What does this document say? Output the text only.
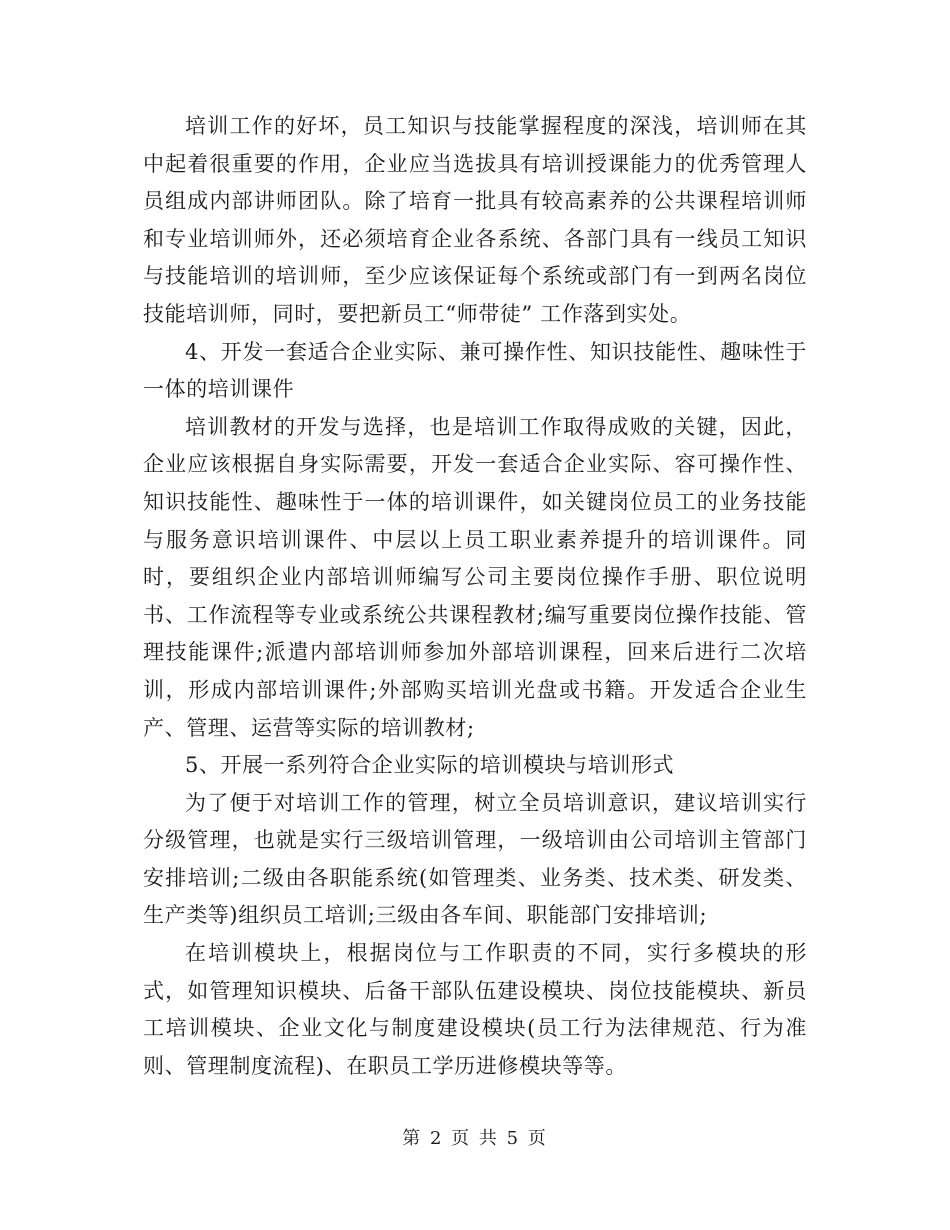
培训工作的好坏，员工知识与技能掌握程度的深浅，培训师在其中起着很重要的作用，企业应当选拔具有培训授课能力的优秀管理人员组成内部讲师团队。除了培育一批具有较高素养的公共课程培训师和专业培训师外，还必须培育企业各系统、各部门具有一线员工知识与技能培训的培训师，至少应该保证每个系统或部门有一到两名岗位技能培训师，同时，要把新员工“师带徒” 工作落到实处。

4、开发一套适合企业实际、兼可操作性、知识技能性、趣味性于一体的培训课件

培训教材的开发与选择，也是培训工作取得成败的关键，因此，企业应该根据自身实际需要，开发一套适合企业实际、容可操作性、知识技能性、趣味性于一体的培训课件，如关键岗位员工的业务技能与服务意识培训课件、中层以上员工职业素养提升的培训课件。同时，要组织企业内部培训师编写公司主要岗位操作手册、职位说明书、工作流程等专业或系统公共课程教材;编写重要岗位操作技能、管理技能课件;派遣内部培训师参加外部培训课程，回来后进行二次培训，形成内部培训课件;外部购买培训光盘或书籍。开发适合企业生产、管理、运营等实际的培训教材;

5、开展一系列符合企业实际的培训模块与培训形式

为了便于对培训工作的管理，树立全员培训意识，建议培训实行分级管理，也就是实行三级培训管理，一级培训由公司培训主管部门安排培训;二级由各职能系统(如管理类、业务类、技术类、研发类、生产类等)组织员工培训;三级由各车间、职能部门安排培训;

在培训模块上，根据岗位与工作职责的不同，实行多模块的形式，如管理知识模块、后备干部队伍建设模块、岗位技能模块、新员工培训模块、企业文化与制度建设模块(员工行为法律规范、行为准则、管理制度流程)、在职员工学历进修模块等等。

第 2 页 共 5 页
